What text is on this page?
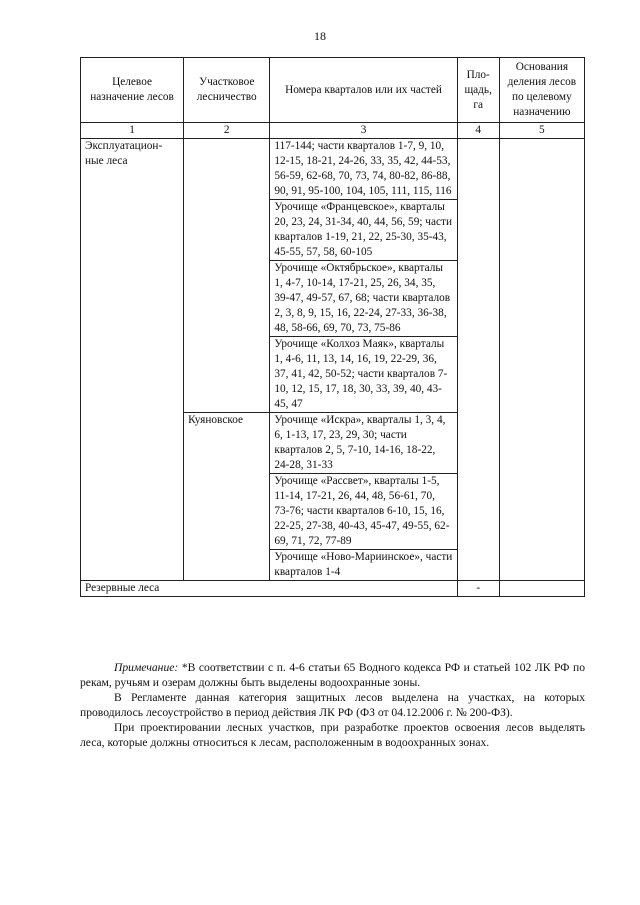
18
Целевое назначение лесов	Участковое лесничество	Номера кварталов или их частей	Пло-щадь, га	Основания деления лесов по целевому назначению
1	2	3	4	5
Эксплуатацион-ные леса		117-144; части кварталов 1-7, 9, 10, 12-15, 18-21, 24-26, 33, 35, 42, 44-53, 56-59, 62-68, 70, 73, 74, 80-82, 86-88, 90, 91, 95-100, 104, 105, 111, 115, 116		
		Урочище «Францевское», кварталы 20, 23, 24, 31-34, 40, 44, 56, 59; части кварталов 1-19, 21, 22, 25-30, 35-43, 45-55, 57, 58, 60-105		
		Урочище «Октябрьское», кварталы 1, 4-7, 10-14, 17-21, 25, 26, 34, 35, 39-47, 49-57, 67, 68; части кварталов 2, 3, 8, 9, 15, 16, 22-24, 27-33, 36-38, 48, 58-66, 69, 70, 73, 75-86		
		Урочище «Колхоз Маяк», кварталы 1, 4-6, 11, 13, 14, 16, 19, 22-29, 36, 37, 41, 42, 50-52; части кварталов 7-10, 12, 15, 17, 18, 30, 33, 39, 40, 43-45, 47		
	Куяновское	Урочище «Искра», кварталы 1, 3, 4, 6, 1-13, 17, 23, 29, 30; части кварталов 2, 5, 7-10, 14-16, 18-22, 24-28, 31-33		
		Урочище «Рассвет», кварталы 1-5, 11-14, 17-21, 26, 44, 48, 56-61, 70, 73-76; части кварталов 6-10, 15, 16, 22-25, 27-38, 40-43, 45-47, 49-55, 62-69, 71, 72, 77-89		
		Урочище «Ново-Мариинское», части кварталов 1-4		
Резервные леса			-	

Примечание: *В соответствии с п. 4-6 статьи 65 Водного кодекса РФ и статьей 102 ЛК РФ по рекам, ручьям и озерам должны быть выделены водоохранные зоны.

В Регламенте данная категория защитных лесов выделена на участках, на которых проводилось лесоустройство в период действия ЛК РФ (ФЗ от 04.12.2006 г. № 200-ФЗ).

При проектировании лесных участков, при разработке проектов освоения лесов выделять леса, которые должны относиться к лесам, расположенным в водоохранных зонах.
